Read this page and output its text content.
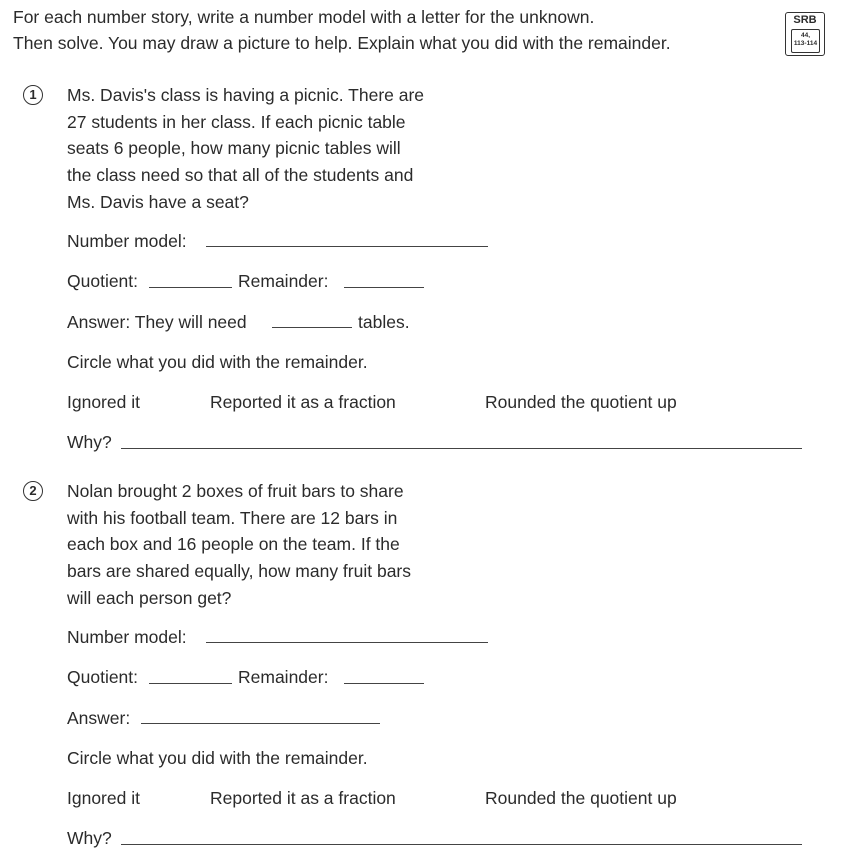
For each number story, write a number model with a letter for the unknown.
Then solve. You may draw a picture to help. Explain what you did with the remainder.
SRB
44,
113-114
1	Ms. Davis's class is having a picnic. There are
27 students in her class. If each picnic table
seats 6 people, how many picnic tables will
the class need so that all of the students and
Ms. Davis have a seat?
Number model:
Quotient:	Remainder:
Answer: They will need	tables.
Circle what you did with the remainder.
Ignored it	Reported it as a fraction	Rounded the quotient up
Why?
2	Nolan brought 2 boxes of fruit bars to share
with his football team. There are 12 bars in
each box and 16 people on the team. If the
bars are shared equally, how many fruit bars
will each person get?
Number model:
Quotient:	Remainder:
Answer:
Circle what you did with the remainder.
Ignored it	Reported it as a fraction	Rounded the quotient up
Why?
